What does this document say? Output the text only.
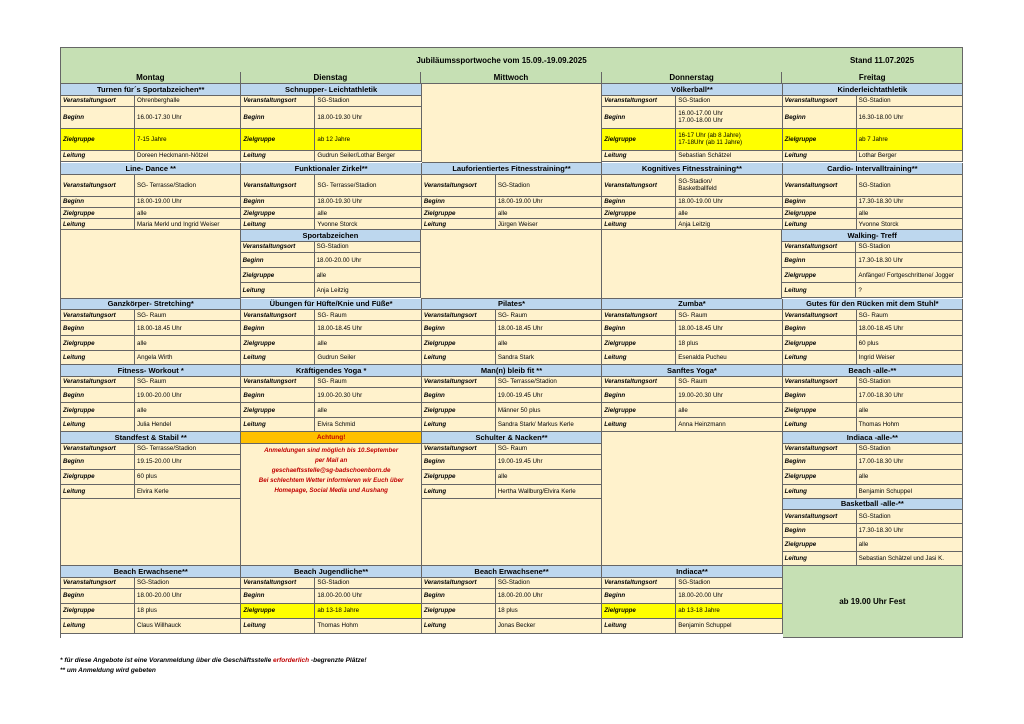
Jubiläumssportwoche vom 15.09.-19.09.2025	Stand 11.07.2025
Montag	Dienstag	Mittwoch	Donnerstag	Freitag
Turnen für´s Sportabzeichen**
Veranstaltungsort	Ohrenberghalle
Beginn	16.00-17.30 Uhr
Zielgruppe	7-15 Jahre
Leitung	Doreen Heckmann-Nötzel
Schnupper- Leichtathletik
Veranstaltungsort	SG-Stadion
Beginn	18.00-19.30 Uhr
Zielgruppe	ab 12 Jahre
Leitung	Gudrun Seiler/Lothar Berger
Völkerball**
Veranstaltungsort	SG-Stadion
Beginn	16.00-17.00 Uhr
17.00-18.00 Uhr
Zielgruppe	16-17 Uhr (ab 8 Jahre)
17-18Uhr (ab 11 Jahre)
Leitung	Sebastian Schätzel
Kinderleichtathletik
Veranstaltungsort	SG-Stadion
Beginn	16.30-18.00 Uhr
Zielgruppe	ab 7 Jahre
Leitung	Lothar Berger
Line- Dance **
Veranstaltungsort	SG- Terrasse/Stadion
Beginn	18.00-19.00 Uhr
Zielgruppe	alle
Leitung	Maria Merkl und Ingrid Weiser
Funktionaler Zirkel**
Veranstaltungsort	SG- Terrasse/Stadion
Beginn	18.00-19.30 Uhr
Zielgruppe	alle
Leitung	Yvonne Storck
Lauforientiertes Fitnesstraining**
Veranstaltungsort	SG-Stadion
Beginn	18.00-19.00 Uhr
Zielgruppe	alle
Leitung	Jürgen Weiser
Kognitives Fitnesstraining**
Veranstaltungsort	SG-Stadion/
Basketballfeld
Beginn	18.00-19.00 Uhr
Zielgruppe	alle
Leitung	Anja Leitzig
Cardio- Intervalltraining**
Veranstaltungsort	SG-Stadion
Beginn	17.30-18.30 Uhr
Zielgruppe	alle
Leitung	Yvonne Storck
Sportabzeichen
Veranstaltungsort	SG-Stadion
Beginn	18.00-20.00 Uhr
Zielgruppe	alle
Leitung	Anja Leitzig
Walking- Treff
Veranstaltungsort	SG-Stadion
Beginn	17.30-18.30 Uhr
Zielgruppe	Anfänger/ Fortgeschrittene/ Jogger
Leitung	?
Ganzkörper- Stretching*
Veranstaltungsort	SG- Raum
Beginn	18.00-18.45 Uhr
Zielgruppe	alle
Leitung	Angela Wirth
Übungen für Hüfte/Knie und Füße*
Veranstaltungsort	SG- Raum
Beginn	18.00-18.45 Uhr
Zielgruppe	alle
Leitung	Gudrun Seiler
Pilates*
Veranstaltungsort	SG- Raum
Beginn	18.00-18.45 Uhr
Zielgruppe	alle
Leitung	Sandra Stark
Zumba*
Veranstaltungsort	SG- Raum
Beginn	18.00-18.45 Uhr
Zielgruppe	18 plus
Leitung	Esenalda Pucheu
Gutes für den Rücken mit dem Stuhl*
Veranstaltungsort	SG- Raum
Beginn	18.00-18.45 Uhr
Zielgruppe	60 plus
Leitung	Ingrid Weiser
Fitness- Workout *
Veranstaltungsort	SG- Raum
Beginn	19.00-20.00 Uhr
Zielgruppe	alle
Leitung	Julia Hendel
Kräftigendes Yoga *
Veranstaltungsort	SG- Raum
Beginn	19.00-20.30 Uhr
Zielgruppe	alle
Leitung	Elvira Schmid
Man(n) bleib fit **
Veranstaltungsort	SG- Terrasse/Stadion
Beginn	19.00-19.45 Uhr
Zielgruppe	Männer 50 plus
Leitung	Sandra Stark/ Markus Kerle
Sanftes Yoga*
Veranstaltungsort	SG- Raum
Beginn	19.00-20.30 Uhr
Zielgruppe	alle
Leitung	Anna Heinzmann
Beach -alle-**
Veranstaltungsort	SG-Stadion
Beginn	17.00-18.30 Uhr
Zielgruppe	alle
Leitung	Thomas Hohm
Standfest & Stabil **
Veranstaltungsort	SG- Terrasse/Stadion
Beginn	19.15-20.00 Uhr
Zielgruppe	60 plus
Leitung	Elvira Kerle
Achtung!
Anmeldungen sind möglich bis 10.September
per Mail an
geschaeftsstelle@sg-badschoenborn.de
Bei schlechtem Wetter informieren wir Euch über
Homepage, Social Media und Aushang
Schulter & Nacken**
Veranstaltungsort	SG- Raum
Beginn	19.00-19.45 Uhr
Zielgruppe	alle
Leitung	Hertha Wallburg/Elvira Kerle
Indiaca -alle-**
Veranstaltungsort	SG-Stadion
Beginn	17.00-18.30 Uhr
Zielgruppe	alle
Leitung	Benjamin Schuppel
Basketball -alle-**
Veranstaltungsort	SG-Stadion
Beginn	17.30-18.30 Uhr
Zielgruppe	alle
Leitung	Sebastian Schätzel und Jasi K.
Beach Erwachsene**
Veranstaltungsort	SG-Stadion
Beginn	18.00-20.00 Uhr
Zielgruppe	18 plus
Leitung	Claus Willhauck
Beach Jugendliche**
Veranstaltungsort	SG-Stadion
Beginn	18.00-20.00 Uhr
Zielgruppe	ab 13-18 Jahre
Leitung	Thomas Hohm
Beach Erwachsene**
Veranstaltungsort	SG-Stadion
Beginn	18.00-20.00 Uhr
Zielgruppe	18 plus
Leitung	Jonas Becker
Indiaca**
Veranstaltungsort	SG-Stadion
Beginn	18.00-20.00 Uhr
Zielgruppe	ab 13-18 Jahre
Leitung	Benjamin Schuppel
ab 19.00 Uhr Fest
* für diese Angebote ist eine Voranmeldung über die Geschäftsstelle erforderlich -begrenzte Plätze!
** um Anmeldung wird gebeten
